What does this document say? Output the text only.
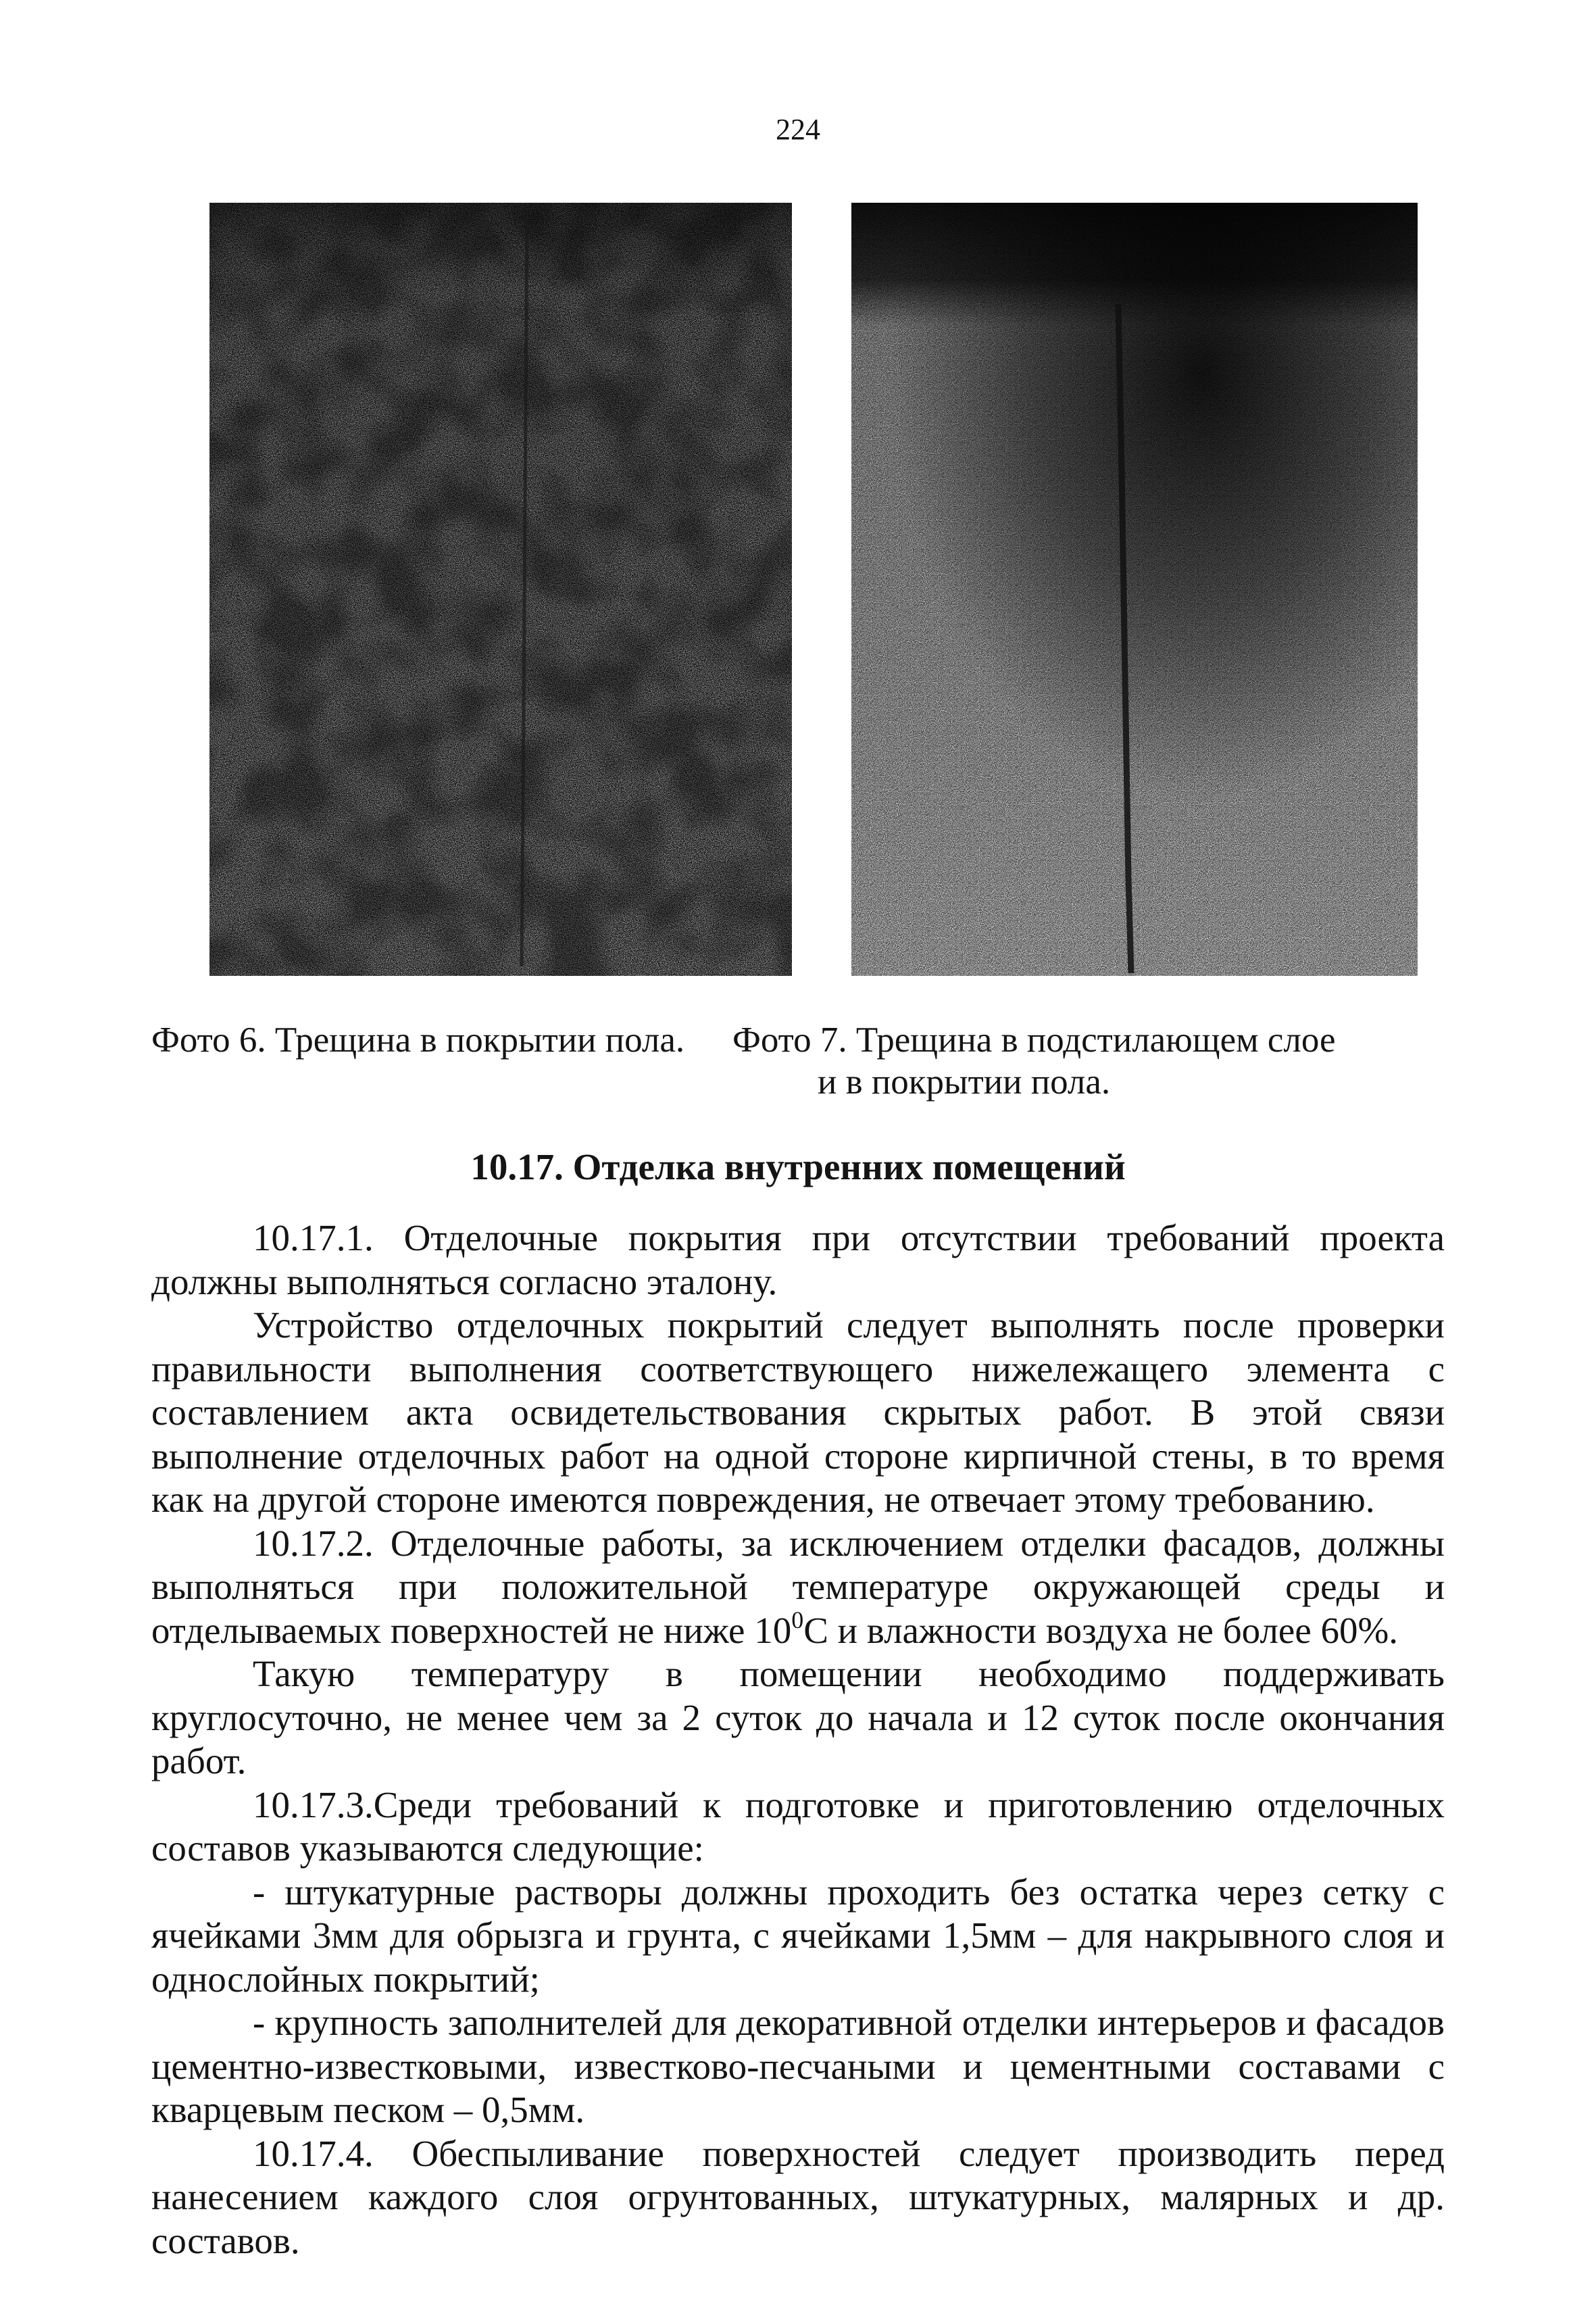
224
Фото 6. Трещина в покрытии пола. Фото 7. Трещина в подстилающем слое
и в покрытии пола.
10.17. Отделка внутренних помещений

10.17.1. Отделочные покрытия при отсутствии требований проекта должны выполняться согласно эталону.

Устройство отделочных покрытий следует выполнять после проверки правильности выполнения соответствующего нижележащего элемента с составлением акта освидетельствования скрытых работ. В этой связи выполнение отделочных работ на одной стороне кирпичной стены, в то время как на другой стороне имеются повреждения, не отвечает этому требованию.

10.17.2. Отделочные работы, за исключением отделки фасадов, должны выполняться при положительной температуре окружающей среды и отделываемых поверхностей не ниже $10^0С$ и влажности воздуха не более 60%.

Такую температуру в помещении необходимо поддерживать круглосуточно, не менее чем за 2 суток до начала и 12 суток после окончания работ.

10.17.3.Среди требований к подготовке и приготовлению отделочных составов указываются следующие:

- штукатурные растворы должны проходить без остатка через сетку с ячейками 3мм для обрызга и грунта, с ячейками 1,5мм – для накрывного слоя и однослойных покрытий;

- крупность заполнителей для декоративной отделки интерьеров и фасадов цементно-известковыми, известково-песчаными и цементными составами с кварцевым песком – 0,5мм.

10.17.4. Обеспыливание поверхностей следует производить перед нанесением каждого слоя огрунтованных, штукатурных, малярных и др. составов.
